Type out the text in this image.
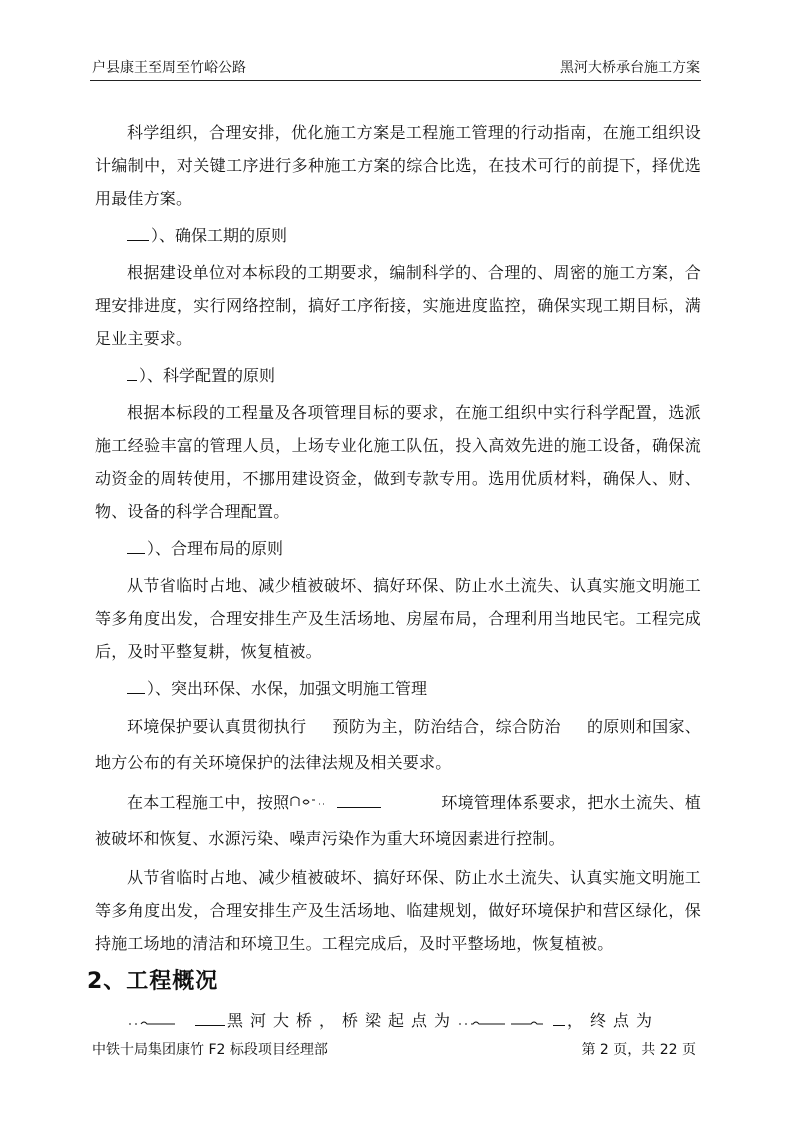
户县康王至周至竹峪公路	黑河大桥承台施工方案

科学组织，合理安排，优化施工方案是工程施工管理的行动指南，在施工组织设计编制中，对关键工序进行多种施工方案的综合比选，在技术可行的前提下，择优选用最佳方案。

）、确保工期的原则

根据建设单位对本标段的工期要求，编制科学的、合理的、周密的施工方案，合理安排进度，实行网络控制，搞好工序衔接，实施进度监控，确保实现工期目标，满足业主要求。

）、科学配置的原则

根据本标段的工程量及各项管理目标的要求，在施工组织中实行科学配置，选派施工经验丰富的管理人员，上场专业化施工队伍，投入高效先进的施工设备，确保流动资金的周转使用，不挪用建设资金，做到专款专用。选用优质材料，确保人、财、物、设备的科学合理配置。

）、合理布局的原则

从节省临时占地、减少植被破坏、搞好环保、防止水土流失、认真实施文明施工等多角度出发，合理安排生产及生活场地、房屋布局，合理利用当地民宅。工程完成后，及时平整复耕，恢复植被。

）、突出环保、水保，加强文明施工管理

环境保护要认真贯彻执行 预防为主，防治结合，综合防治 的原则和国家、地方公布的有关环境保护的法律法规及相关要求。

在本工程施工中，按照	环境管理体系要求，把水土流失、植被破坏和恢复、水源污染、噪声污染作为重大环境因素进行控制。

从节省临时占地、减少植被破坏、搞好环保、防止水土流失、认真实施文明施工等多角度出发，合理安排生产及生活场地、临建规划，做好环境保护和营区绿化，保持施工场地的清洁和环境卫生。工程完成后，及时平整场地，恢复植被。

2、工程概况
黑河大桥，桥梁起点为	，终点为
中铁十局集团康竹 F2 标段项目经理部	第 2 页，共 22 页
